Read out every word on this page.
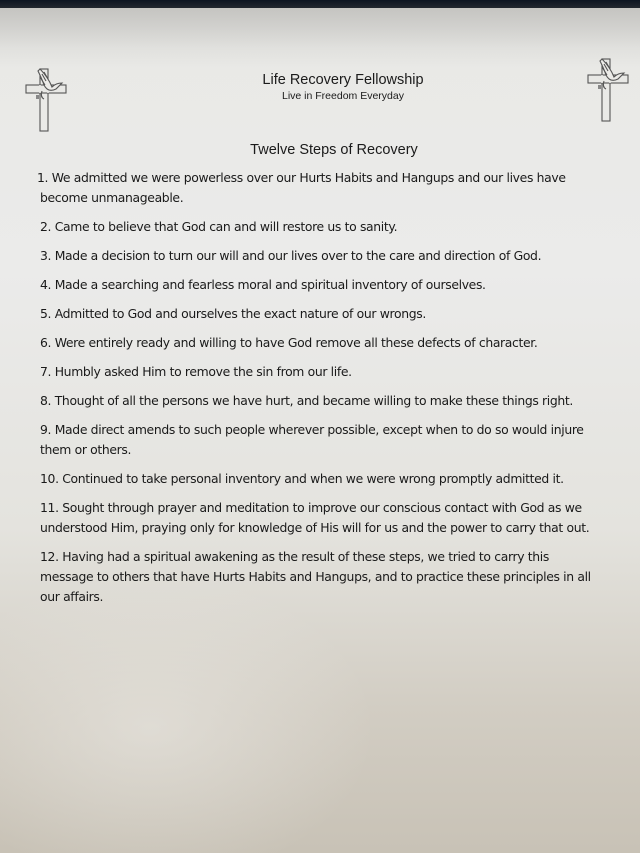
Life Recovery Fellowship
Live in Freedom Everyday
Twelve Steps of Recovery
1. We admitted we were powerless over our Hurts Habits and Hangups and our lives have become unmanageable.
2. Came to believe that God can and will restore us to sanity.
3. Made a decision to turn our will and our lives over to the care and direction of God.
4. Made a searching and fearless moral and spiritual inventory of ourselves.
5. Admitted to God and ourselves the exact nature of our wrongs.
6. Were entirely ready and willing to have God remove all these defects of character.
7. Humbly asked Him to remove the sin from our life.
8. Thought of all the persons we have hurt, and became willing to make these things right.
9. Made direct amends to such people wherever possible, except when to do so would injure them or others.
10. Continued to take personal inventory and when we were wrong promptly admitted it.
11. Sought through prayer and meditation to improve our conscious contact with God as we understood Him, praying only for knowledge of His will for us and the power to carry that out.
12. Having had a spiritual awakening as the result of these steps, we tried to carry this message to others that have Hurts Habits and Hangups, and to practice these principles in all our affairs.
